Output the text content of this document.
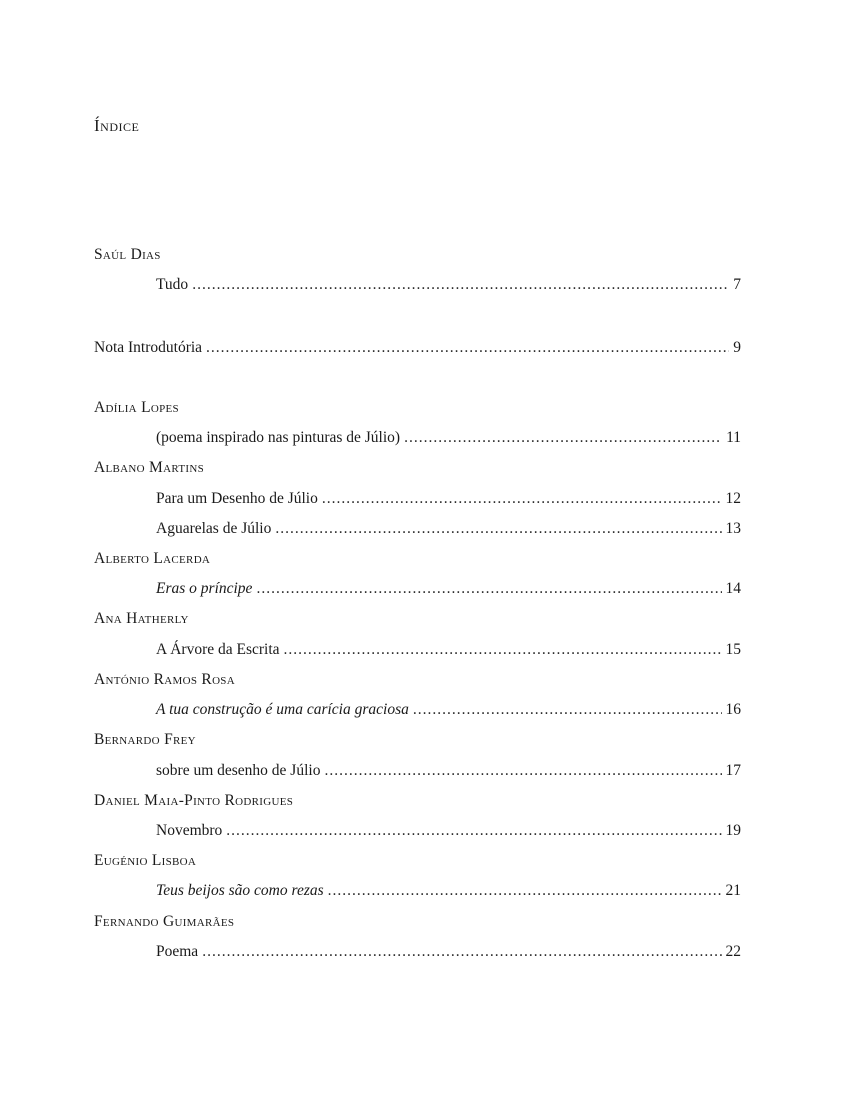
Índice
Saúl Dias
Tudo .....	7
Nota Introdutória .....	9
Adília Lopes
(poema inspirado nas pinturas de Júlio) .....	11
Albano Martins
Para um Desenho de Júlio .....	12
Aguarelas de Júlio .....	13
Alberto Lacerda
Eras o príncipe .....	14
Ana Hatherly
A Árvore da Escrita .....	15
António Ramos Rosa
A tua construção é uma carícia graciosa .....	16
Bernardo Frey
sobre um desenho de Júlio .....	17
Daniel Maia-Pinto Rodrigues
Novembro .....	19
Eugénio Lisboa
Teus beijos são como rezas .....	21
Fernando Guimarães
Poema .....	22
